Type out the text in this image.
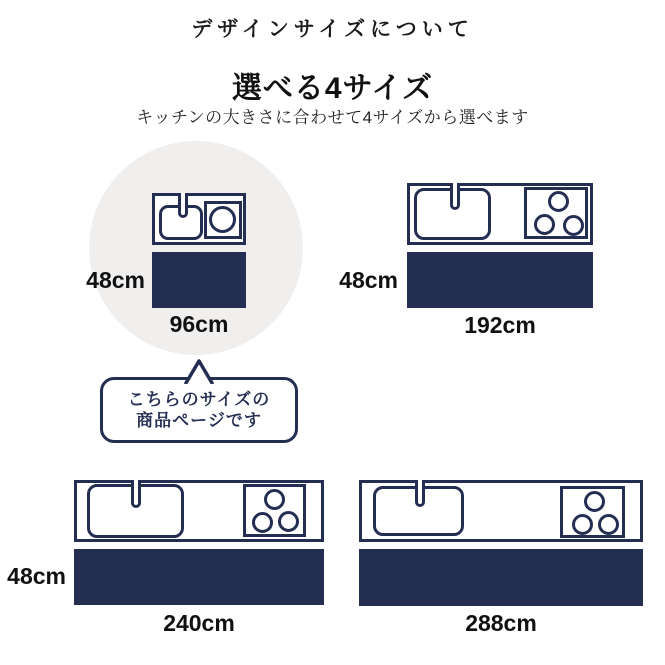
デザインサイズについて
選べる4サイズ
キッチンの大きさに合わせて4サイズから選べます
48cm
96cm
48cm
192cm
こちらのサイズの
商品ページです
48cm
240cm	288cm
